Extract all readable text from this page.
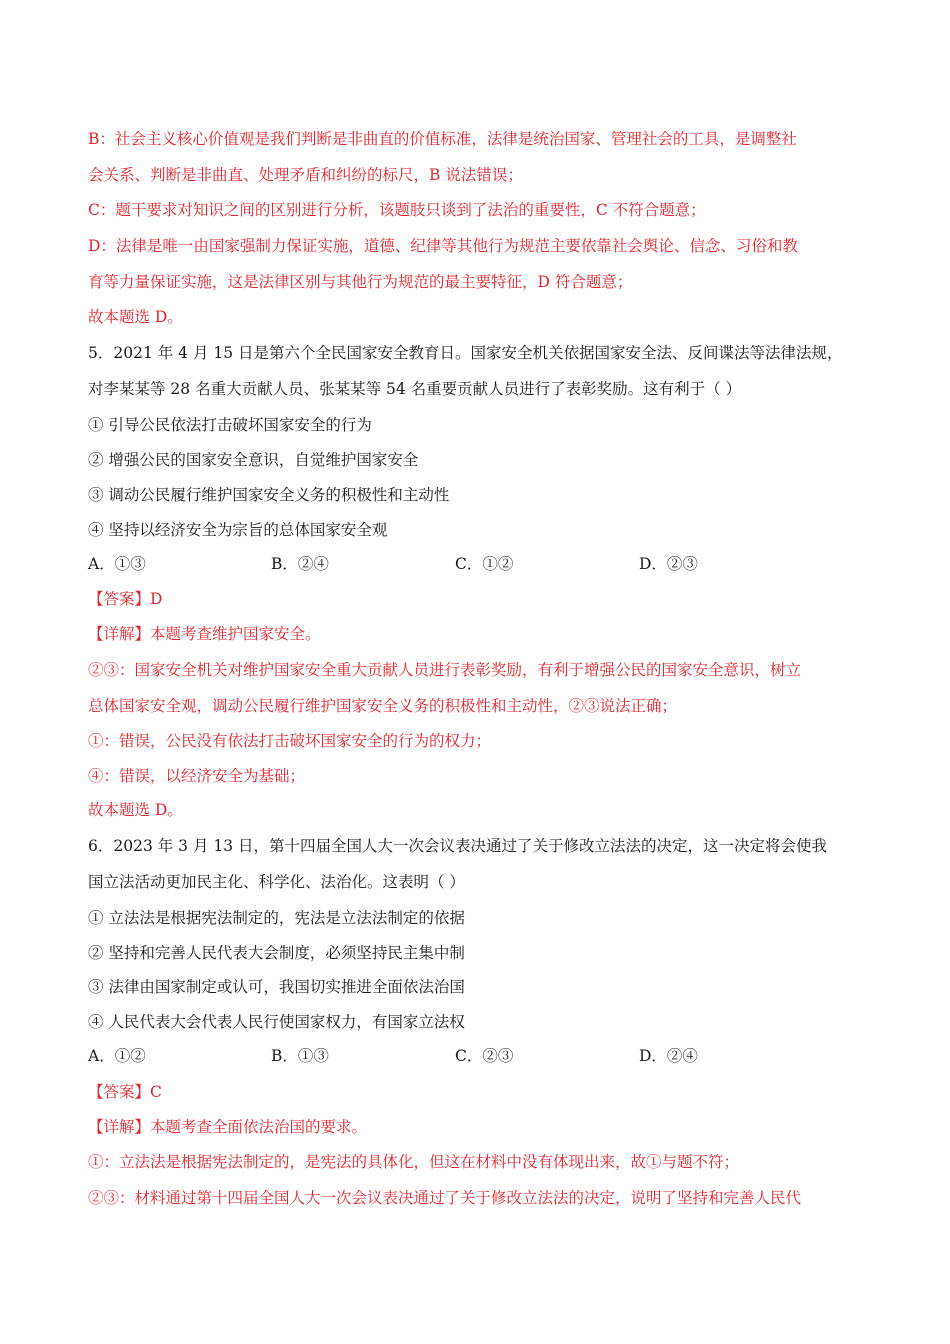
B：社会主义核心价值观是我们判断是非曲直的价值标准，法律是统治国家、管理社会的工具，是调整社
会关系、判断是非曲直、处理矛盾和纠纷的标尺，B 说法错误；
C：题干要求对知识之间的区别进行分析，该题肢只谈到了法治的重要性，C 不符合题意；
D：法律是唯一由国家强制力保证实施，道德、纪律等其他行为规范主要依靠社会舆论、信念、习俗和教
育等力量保证实施，这是法律区别与其他行为规范的最主要特征，D 符合题意；
故本题选 D。
5．2021 年 4 月 15 日是第六个全民国家安全教育日。国家安全机关依据国家安全法、反间谍法等法律法规，
对李某某等 28 名重大贡献人员、张某某等 54 名重要贡献人员进行了表彰奖励。这有利于（ ）
① 引导公民依法打击破坏国家安全的行为
② 增强公民的国家安全意识，自觉维护国家安全
③ 调动公民履行维护国家安全义务的积极性和主动性
④ 坚持以经济安全为宗旨的总体国家安全观
A．①③	B．②④	C．①②	D．②③
【答案】D
【详解】本题考查维护国家安全。
②③：国家安全机关对维护国家安全重大贡献人员进行表彰奖励，有利于增强公民的国家安全意识，树立
总体国家安全观，调动公民履行维护国家安全义务的积极性和主动性，②③说法正确；
①：错误，公民没有依法打击破坏国家安全的行为的权力；
④：错误，以经济安全为基础；
故本题选 D。
6．2023 年 3 月 13 日，第十四届全国人大一次会议表决通过了关于修改立法法的决定，这一决定将会使我
国立法活动更加民主化、科学化、法治化。这表明（ ）
① 立法法是根据宪法制定的，宪法是立法法制定的依据
② 坚持和完善人民代表大会制度，必须坚持民主集中制
③ 法律由国家制定或认可，我国切实推进全面依法治国
④ 人民代表大会代表人民行使国家权力，有国家立法权
A．①②	B．①③	C．②③	D．②④
【答案】C
【详解】本题考查全面依法治国的要求。
①：立法法是根据宪法制定的，是宪法的具体化，但这在材料中没有体现出来，故①与题不符；
②③：材料通过第十四届全国人大一次会议表决通过了关于修改立法法的决定，说明了坚持和完善人民代
